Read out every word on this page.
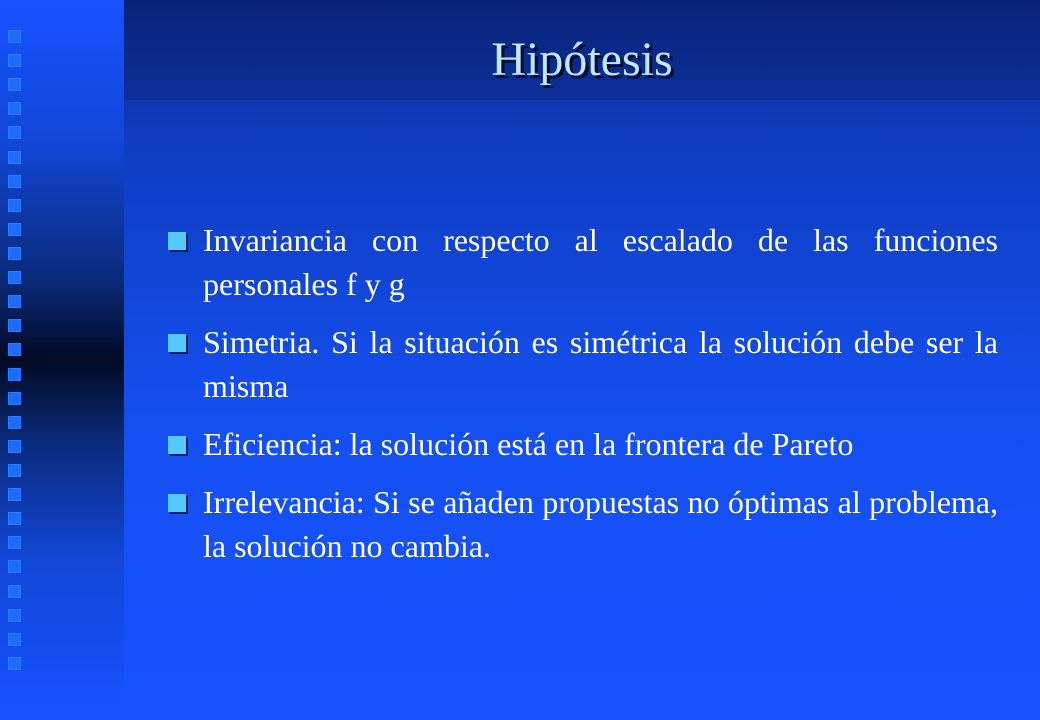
Hipótesis
Invariancia con respecto al escalado de las funciones personales f y g
Simetria. Si la situación es simétrica la solución debe ser la misma
Eficiencia: la solución está en la frontera de Pareto
Irrelevancia: Si se añaden propuestas no óptimas al problema, la solución no cambia.
